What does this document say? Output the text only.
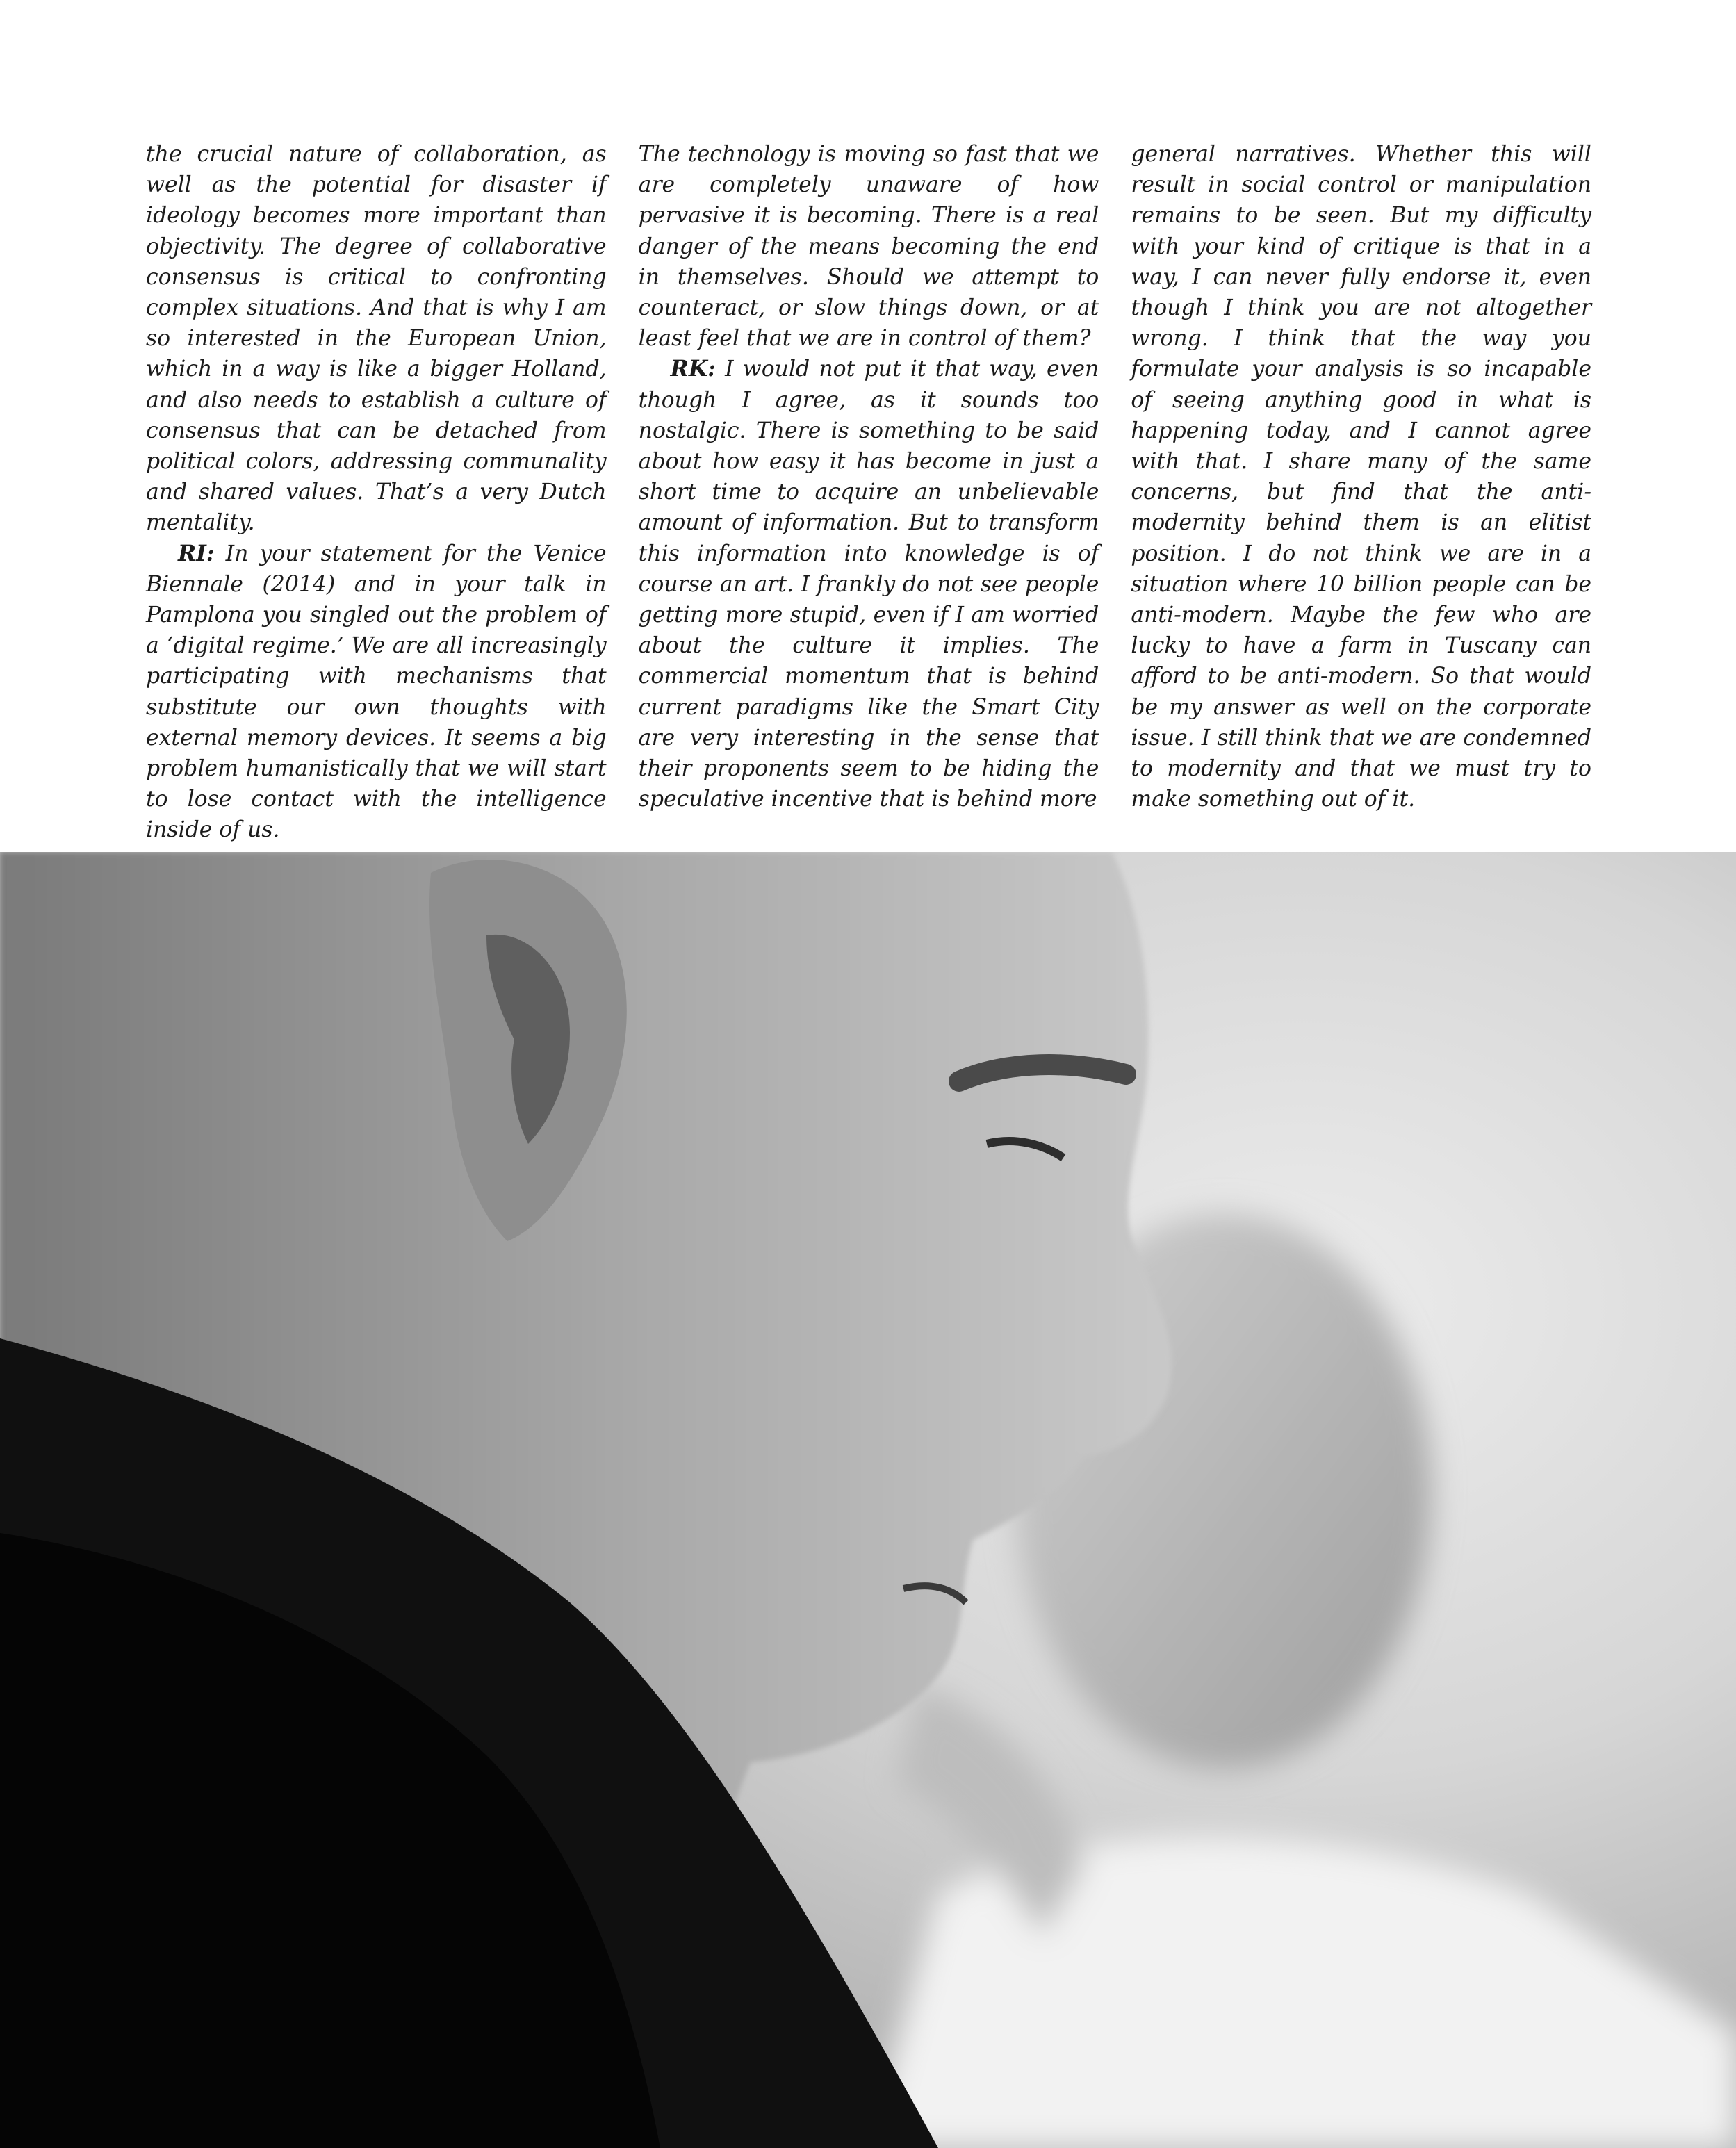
the crucial nature of collaboration, as well as the potential for disaster if ideology becomes more important than objectivity. The degree of collaborative consensus is critical to confronting complex situations. And that is why I am so interested in the European Union, which in a way is like a bigger Holland, and also needs to establish a culture of consensus that can be detached from political colors, addressing communality and shared values. That’s a very Dutch mentality.

RI: In your statement for the Venice Biennale (2014) and in your talk in Pamplona you singled out the problem of a ‘digital regime.’ We are all increasingly participating with mechanisms that substitute our own thoughts with external memory devices. It seems a big problem humanistically that we will start to lose contact with the intelligence inside of us.

The technology is moving so fast that we are completely unaware of how pervasive it is becoming. There is a real danger of the means becoming the end in themselves. Should we attempt to counteract, or slow things down, or at least feel that we are in control of them?

RK: I would not put it that way, even though I agree, as it sounds too nostalgic. There is something to be said about how easy it has become in just a short time to acquire an unbelievable amount of information. But to transform this information into knowledge is of course an art. I frankly do not see people getting more stupid, even if I am worried about the culture it implies. The commercial momentum that is behind current paradigms like the Smart City are very interesting in the sense that their proponents seem to be hiding the speculative incentive that is behind more

general narratives. Whether this will result in social control or manipulation remains to be seen. But my difficulty with your kind of critique is that in a way, I can never fully endorse it, even though I think you are not altogether wrong. I think that the way you formulate your analysis is so incapable of seeing anything good in what is happening today, and I cannot agree with that. I share many of the same concerns, but find that the anti-modernity behind them is an elitist position. I do not think we are in a situation where 10 billion people can be anti-modern. Maybe the few who are lucky to have a farm in Tuscany can afford to be anti-modern. So that would be my answer as well on the corporate issue. I still think that we are condemned to modernity and that we must try to make something out of it.
